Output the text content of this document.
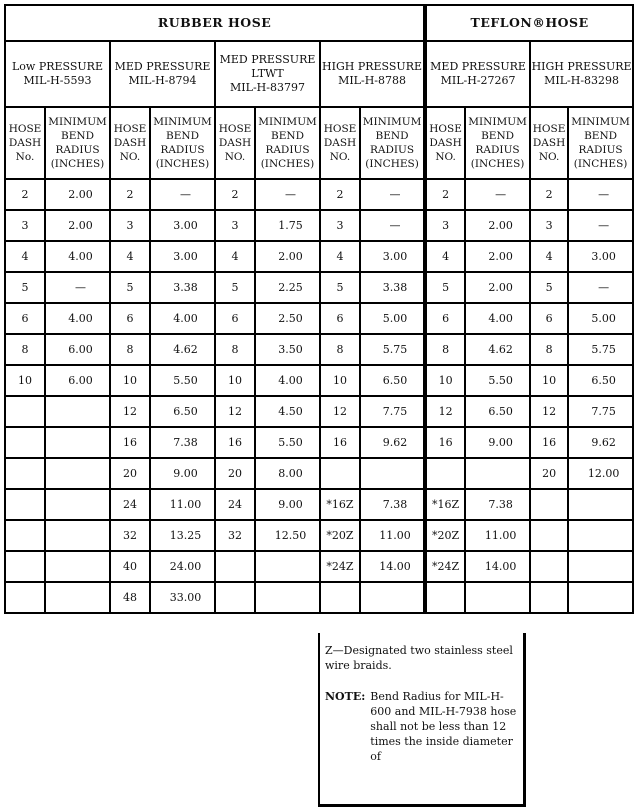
RUBBER HOSE								TEFLON®HOSE			
Low PRESSURE
MIL-H-5593		MED PRESSURE
MIL-H-8794		MED PRESSURE
LTWT
MIL-H-83797		HIGH PRESSURE
MIL-H-8788		MED PRESSURE
MIL-H-27267		HIGH PRESSURE
MIL-H-83298	
HOSE
DASH
No.	MINIMUM
BEND
RADIUS
(INCHES)	HOSE
DASH
NO.	MINIMUM
BEND
RADIUS
(INCHES)	HOSE
DASH
NO.	MINIMUM
BEND
RADIUS
(INCHES)	HOSE
DASH
NO.	MINIMUM
BEND
RADIUS
(INCHES)	HOSE
DASH
NO.	MINIMUM
BEND
RADIUS
(INCHES)	HOSE
DASH
NO.	MINIMUM
BEND
RADIUS
(INCHES)
2	2.00	2	—	2	—	2	—	2	—	2	—
3	2.00	3	3.00	3	1.75	3	—	3	2.00	3	—
4	4.00	4	3.00	4	2.00	4	3.00	4	2.00	4	3.00
5	—	5	3.38	5	2.25	5	3.38	5	2.00	5	—
6	4.00	6	4.00	6	2.50	6	5.00	6	4.00	6	5.00
8	6.00	8	4.62	8	3.50	8	5.75	8	4.62	8	5.75
10	6.00	10	5.50	10	4.00	10	6.50	10	5.50	10	6.50
		12	6.50	12	4.50	12	7.75	12	6.50	12	7.75
		16	7.38	16	5.50	16	9.62	16	9.00	16	9.62
		20	9.00	20	8.00					20	12.00
		24	11.00	24	9.00	*16Z	7.38	*16Z	7.38		
		32	13.25	32	12.50	*20Z	11.00	*20Z	11.00		
		40	24.00			*24Z	14.00	*24Z	14.00		
		48	33.00								
Z—Designated two stainless steel wire braids.
NOTE: Bend Radius for MIL-H-600 and MIL-H-7938 hose shall not be less than 12 times the inside diameter of
